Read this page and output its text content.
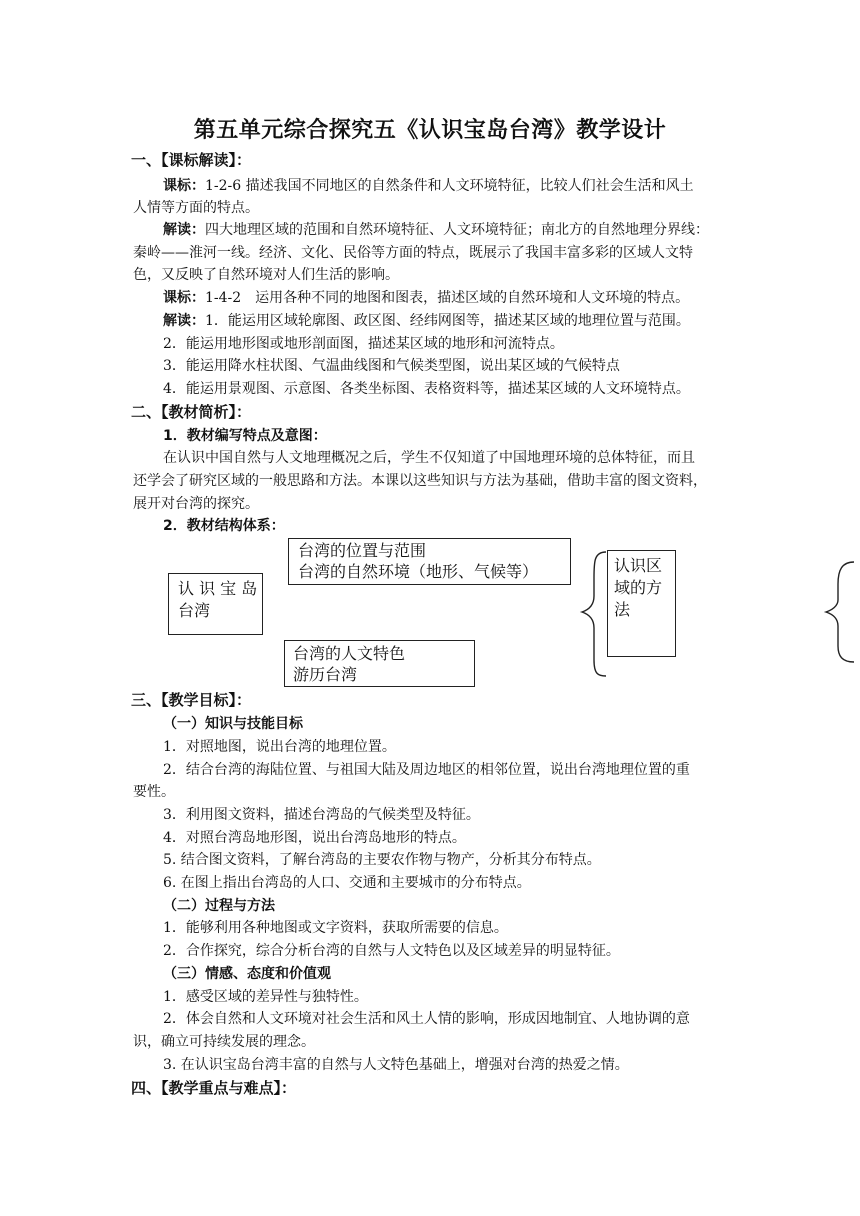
第五单元综合探究五《认识宝岛台湾》教学设计
一、【课标解读】：
课标：1-2-6 描述我国不同地区的自然条件和人文环境特征，比较人们社会生活和风土
人情等方面的特点。
解读：四大地理区域的范围和自然环境特征、人文环境特征；南北方的自然地理分界线：
秦岭——淮河一线。经济、文化、民俗等方面的特点，既展示了我国丰富多彩的区域人文特
色，又反映了自然环境对人们生活的影响。
课标：1-4-2　运用各种不同的地图和图表，描述区域的自然环境和人文环境的特点。
解读：1．能运用区域轮廓图、政区图、经纬网图等，描述某区域的地理位置与范围。
2．能运用地形图或地形剖面图，描述某区域的地形和河流特点。
3．能运用降水柱状图、气温曲线图和气候类型图，说出某区域的气候特点
4．能运用景观图、示意图、各类坐标图、表格资料等，描述某区域的人文环境特点。
二、【教材简析】：
1．教材编写特点及意图：
在认识中国自然与人文地理概况之后，学生不仅知道了中国地理环境的总体特征，而且
还学会了研究区域的一般思路和方法。本课以这些知识与方法为基础，借助丰富的图文资料，
展开对台湾的探究。
2．教材结构体系：
台湾的位置与范围
台湾的自然环境（地形、气候等）
认 识 宝 岛
台湾
台湾的人文特色
游历台湾
认识区
域的方
法
三、【教学目标】：
（一）知识与技能目标
1．对照地图，说出台湾的地理位置。
2．结合台湾的海陆位置、与祖国大陆及周边地区的相邻位置，说出台湾地理位置的重
要性。
3．利用图文资料，描述台湾岛的气候类型及特征。
4．对照台湾岛地形图，说出台湾岛地形的特点。
5. 结合图文资料，了解台湾岛的主要农作物与物产，分析其分布特点。
6. 在图上指出台湾岛的人口、交通和主要城市的分布特点。
（二）过程与方法
1．能够利用各种地图或文字资料，获取所需要的信息。
2．合作探究，综合分析台湾的自然与人文特色以及区域差异的明显特征。
（三）情感、态度和价值观
1．感受区域的差异性与独特性。
2．体会自然和人文环境对社会生活和风土人情的影响，形成因地制宜、人地协调的意
识，确立可持续发展的理念。
3. 在认识宝岛台湾丰富的自然与人文特色基础上，增强对台湾的热爱之情。
四、【教学重点与难点】：
